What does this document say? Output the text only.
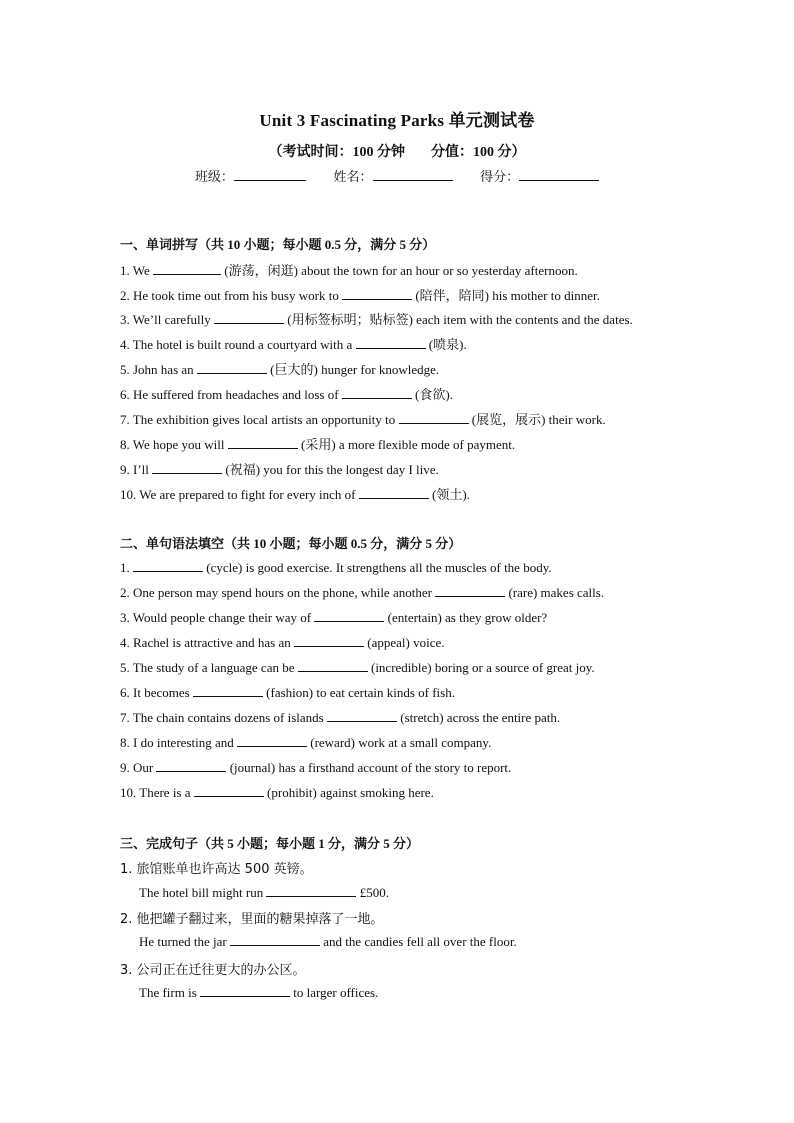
Unit 3 Fascinating Parks 单元测试卷
（考试时间：100 分钟 分值：100 分）
班级：	姓名：	得分：
一、单词拼写（共 10 小题；每小题 0.5 分，满分 5 分）
1. We	(游荡，闲逛) about the town for an hour or so yesterday afternoon.
2. He took time out from his busy work to	(陪伴，陪同) his mother to dinner.
3. We’ll carefully	(用标签标明；贴标签) each item with the contents and the dates.
4. The hotel is built round a courtyard with a	(喷泉).
5. John has an	(巨大的) hunger for knowledge.
6. He suffered from headaches and loss of	(食欲).
7. The exhibition gives local artists an opportunity to	(展览，展示) their work.
8. We hope you will	(采用) a more flexible mode of payment.
9. I’ll	(祝福) you for this the longest day I live.
10. We are prepared to fight for every inch of	(领土).
二、单句语法填空（共 10 小题；每小题 0.5 分，满分 5 分）
1.	(cycle) is good exercise. It strengthens all the muscles of the body.
2. One person may spend hours on the phone, while another	(rare) makes calls.
3. Would people change their way of	(entertain) as they grow older?
4. Rachel is attractive and has an	(appeal) voice.
5. The study of a language can be	(incredible) boring or a source of great joy.
6. It becomes	(fashion) to eat certain kinds of fish.
7. The chain contains dozens of islands	(stretch) across the entire path.
8. I do interesting and	(reward) work at a small company.
9. Our	(journal) has a firsthand account of the story to report.
10. There is a	(prohibit) against smoking here.
三、完成句子（共 5 小题；每小题 1 分，满分 5 分）
1. 旅馆账单也许高达 500 英镑。
The hotel bill might run	£500.
2. 他把罐子翻过来，里面的糖果掉落了一地。
He turned the jar	and the candies fell all over the floor.
3. 公司正在迁往更大的办公区。
The firm is	to larger offices.
